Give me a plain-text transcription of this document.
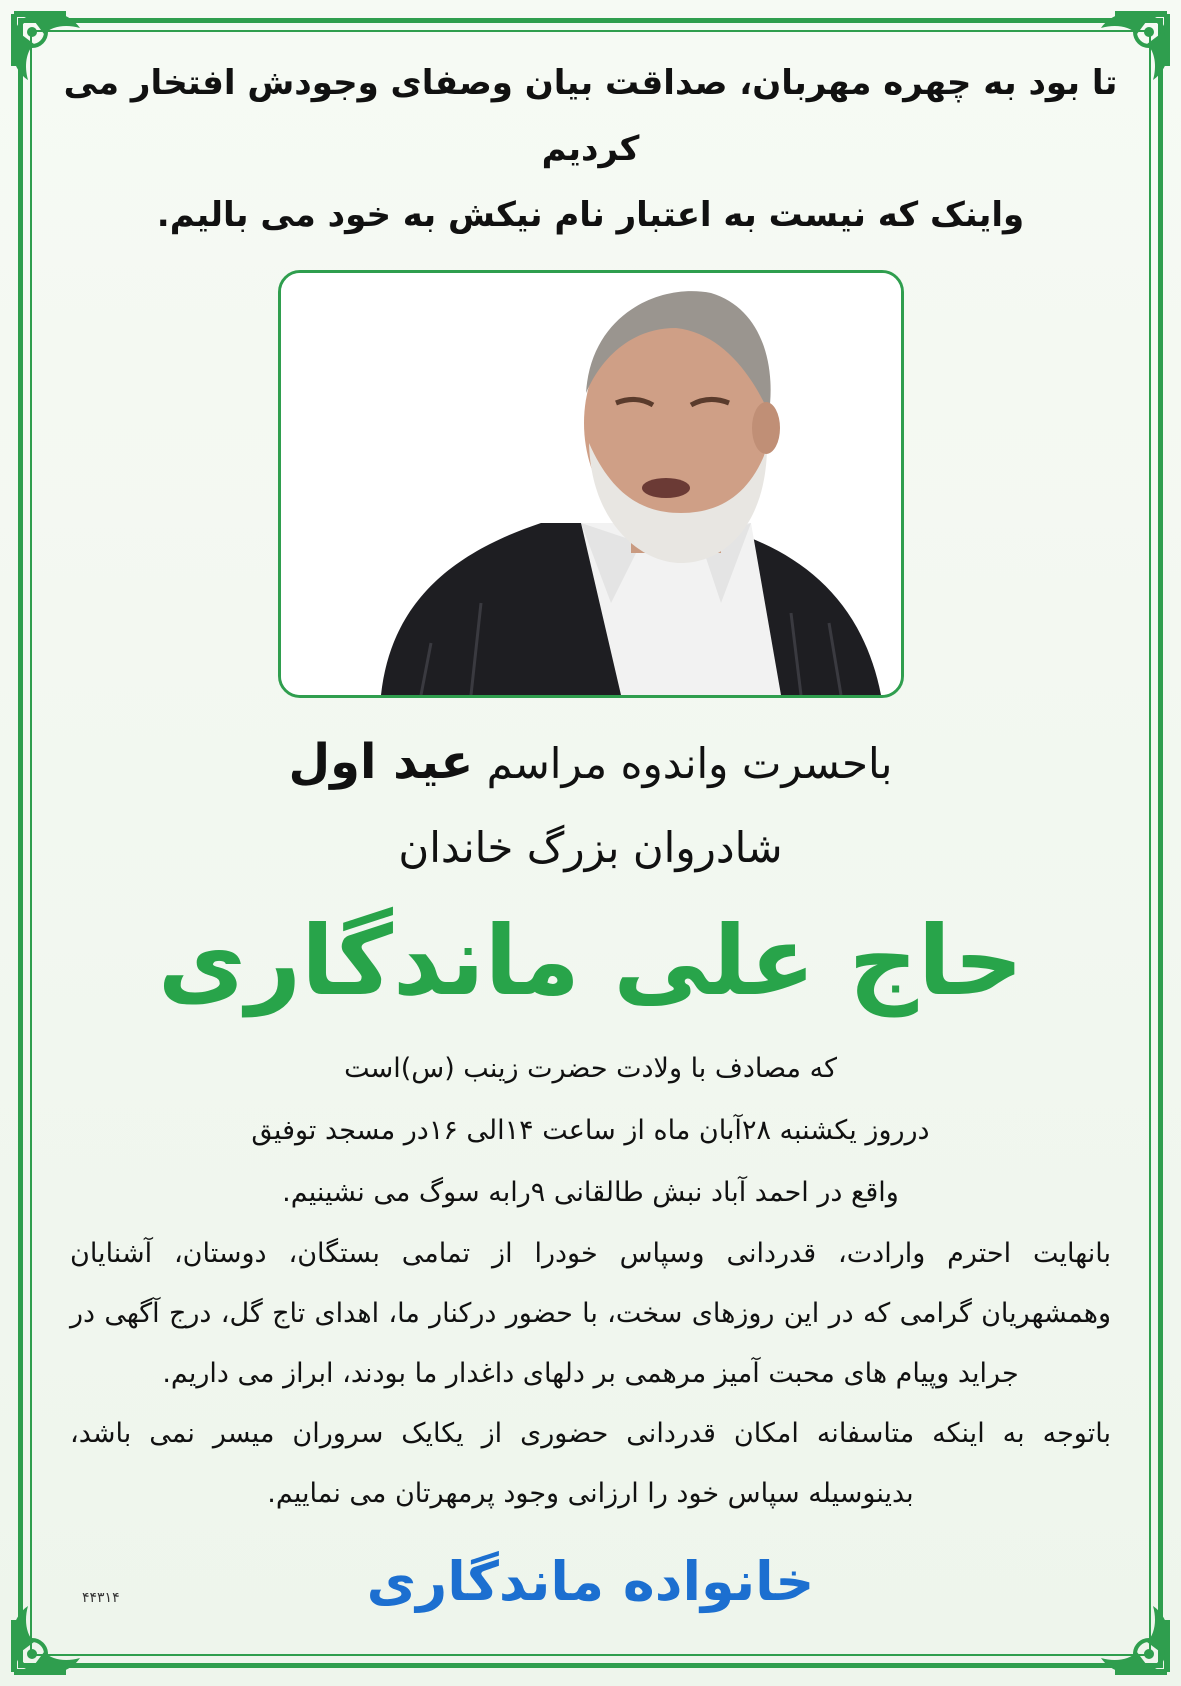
تا بود به چهره مهربان، صداقت بیان وصفای وجودش افتخار می کردیم
واینک که نیست به اعتبار نام نیکش به خود می بالیم.
باحسرت واندوه مراسم عید اول
شادروان بزرگ خاندان
حاج علی ماندگاری
که مصادف با ولادت حضرت زینب (س)است
درروز یکشنبه ۲۸آبان ماه از ساعت ۱۴الی ۱۶در مسجد توفیق
واقع در احمد آباد نبش طالقانی ۹رابه سوگ می نشینیم.
بانهایت احترم وارادت، قدردانی وسپاس خودرا از تمامی بستگان، دوستان، آشنایان وهمشهریان گرامی که در این روزهای سخت، با حضور درکنار ما، اهدای تاج گل، درج آگهی در جراید وپیام های محبت آمیز مرهمی بر دلهای داغدار ما بودند، ابراز می داریم.
باتوجه به اینکه متاسفانه امکان قدردانی حضوری از یکایک سروران میسر نمی باشد، بدینوسیله سپاس خود را ارزانی وجود پرمهرتان می نماییم.
خانواده ماندگاری
۴۴۳۱۴
